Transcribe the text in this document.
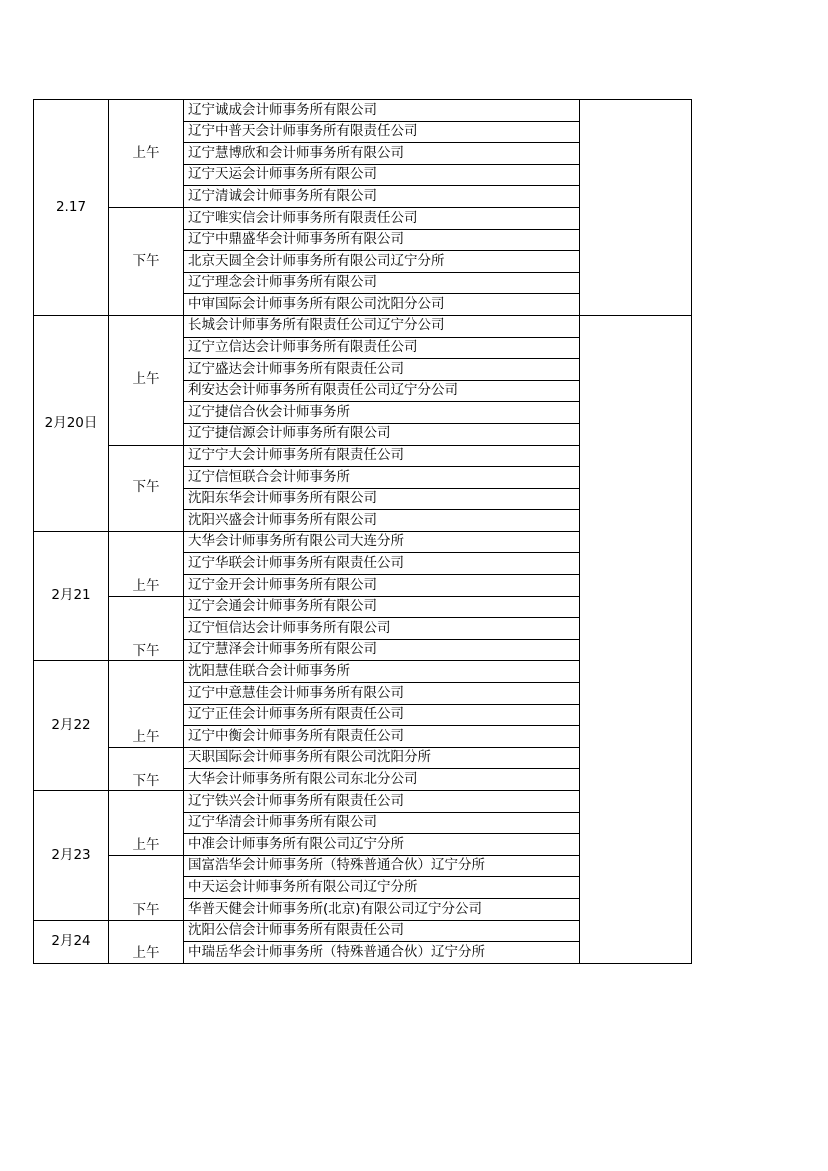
2.17	上午	辽宁诚成会计师事务所有限公司	
		辽宁中普天会计师事务所有限责任公司	
		辽宁慧博欣和会计师事务所有限公司	
		辽宁天运会计师事务所有限公司	
		辽宁清诚会计师事务所有限公司	
	下午	辽宁唯实信会计师事务所有限责任公司	
		辽宁中鼎盛华会计师事务所有限公司	
		北京天圆全会计师事务所有限公司辽宁分所	
		辽宁理念会计师事务所有限公司	
		中审国际会计师事务所有限公司沈阳分公司	
2月20日	上午	长城会计师事务所有限责任公司辽宁分公司	
		辽宁立信达会计师事务所有限责任公司	
		辽宁盛达会计师事务所有限责任公司	
		利安达会计师事务所有限责任公司辽宁分公司	
		辽宁捷信合伙会计师事务所	
		辽宁捷信源会计师事务所有限公司	
	下午	辽宁宁大会计师事务所有限责任公司	
		辽宁信恒联合会计师事务所	
		沈阳东华会计师事务所有限公司	
		沈阳兴盛会计师事务所有限公司	
2月21	上午	大华会计师事务所有限公司大连分所	
		辽宁华联会计师事务所有限责任公司	
		辽宁金开会计师事务所有限公司	
	下午	辽宁会通会计师事务所有限公司	
		辽宁恒信达会计师事务所有限公司	
		辽宁慧泽会计师事务所有限公司	
2月22	上午	沈阳慧佳联合会计师事务所	
		辽宁中意慧佳会计师事务所有限公司	
		辽宁正佳会计师事务所有限责任公司	
		辽宁中衡会计师事务所有限责任公司	
	下午	天职国际会计师事务所有限公司沈阳分所	
		大华会计师事务所有限公司东北分公司	
2月23	上午	辽宁铁兴会计师事务所有限责任公司	
		辽宁华清会计师事务所有限公司	
		中准会计师事务所有限公司辽宁分所	
	下午	国富浩华会计师事务所（特殊普通合伙）辽宁分所	
		中天运会计师事务所有限公司辽宁分所	
		华普天健会计师事务所(北京)有限公司辽宁分公司	
2月24	上午	沈阳公信会计师事务所有限责任公司	
		中瑞岳华会计师事务所（特殊普通合伙）辽宁分所	
